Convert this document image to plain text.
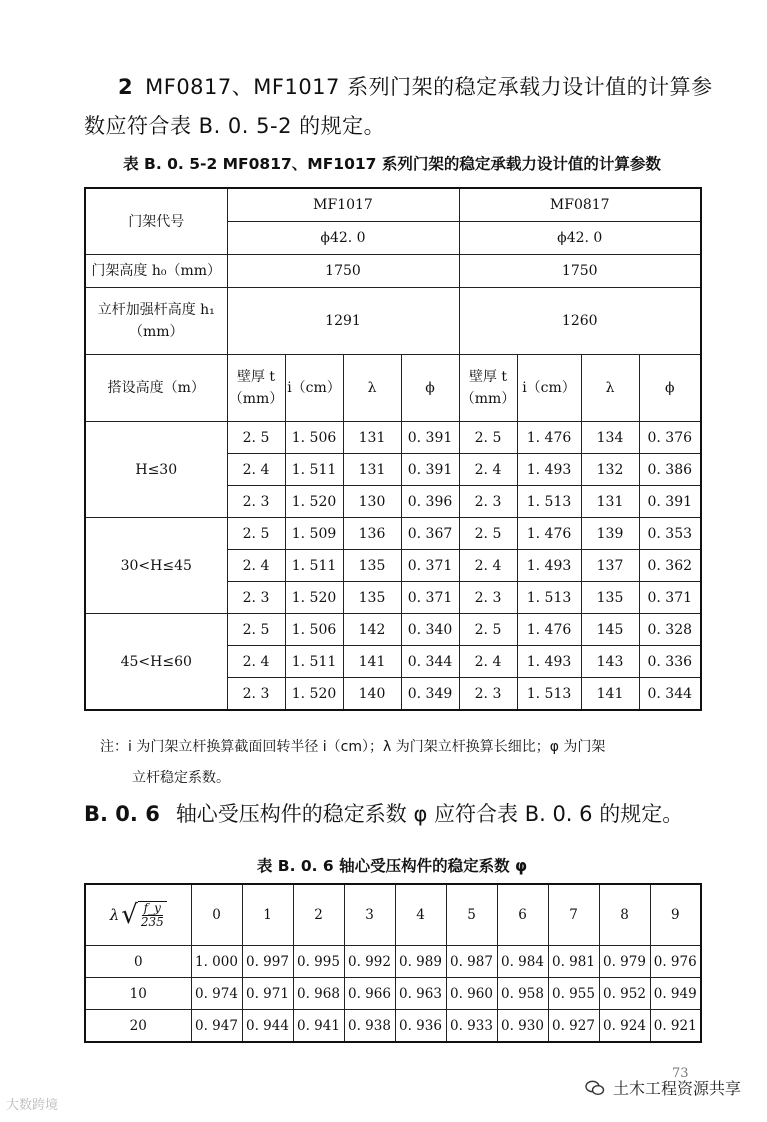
2 MF0817、MF1017 系列门架的稳定承载力设计值的计算参数应符合表 B. 0. 5-2 的规定。
表 B. 0. 5-2 MF0817、MF1017 系列门架的稳定承载力设计值的计算参数
门架代号	MF1017				MF0817			
	ϕ42. 0				ϕ42. 0			
门架高度 h₀（mm）	1750				1750			
立杆加强杆高度 h₁（mm）	1291				1260			
搭设高度（m）	壁厚 t（mm）	i（cm）	λ	ϕ	壁厚 t（mm）	i（cm）	λ	ϕ
H≤30	2. 5	1. 506	131	0. 391	2. 5	1. 476	134	0. 376
	2. 4	1. 511	131	0. 391	2. 4	1. 493	132	0. 386
	2. 3	1. 520	130	0. 396	2. 3	1. 513	131	0. 391
30<H≤45	2. 5	1. 509	136	0. 367	2. 5	1. 476	139	0. 353
	2. 4	1. 511	135	0. 371	2. 4	1. 493	137	0. 362
	2. 3	1. 520	135	0. 371	2. 3	1. 513	135	0. 371
45<H≤60	2. 5	1. 506	142	0. 340	2. 5	1. 476	145	0. 328
	2. 4	1. 511	141	0. 344	2. 4	1. 493	143	0. 336
	2. 3	1. 520	140	0. 349	2. 3	1. 513	141	0. 344
注：i 为门架立杆换算截面回转半径 i（cm）；λ 为门架立杆换算长细比；φ 为门架
立杆稳定系数。
B. 0. 6 轴心受压构件的稳定系数 φ 应符合表 B. 0. 6 的规定。
表 B. 0. 6 轴心受压构件的稳定系数 φ
λ √ $\frac{f\_y}{235}$	0	1	2	3	4	5	6	7	8	9
0	1. 000	0. 997	0. 995	0. 992	0. 989	0. 987	0. 984	0. 981	0. 979	0. 976
10	0. 974	0. 971	0. 968	0. 966	0. 963	0. 960	0. 958	0. 955	0. 952	0. 949
20	0. 947	0. 944	0. 941	0. 938	0. 936	0. 933	0. 930	0. 927	0. 924	0. 921
73
大数跨境
土木工程资源共享
